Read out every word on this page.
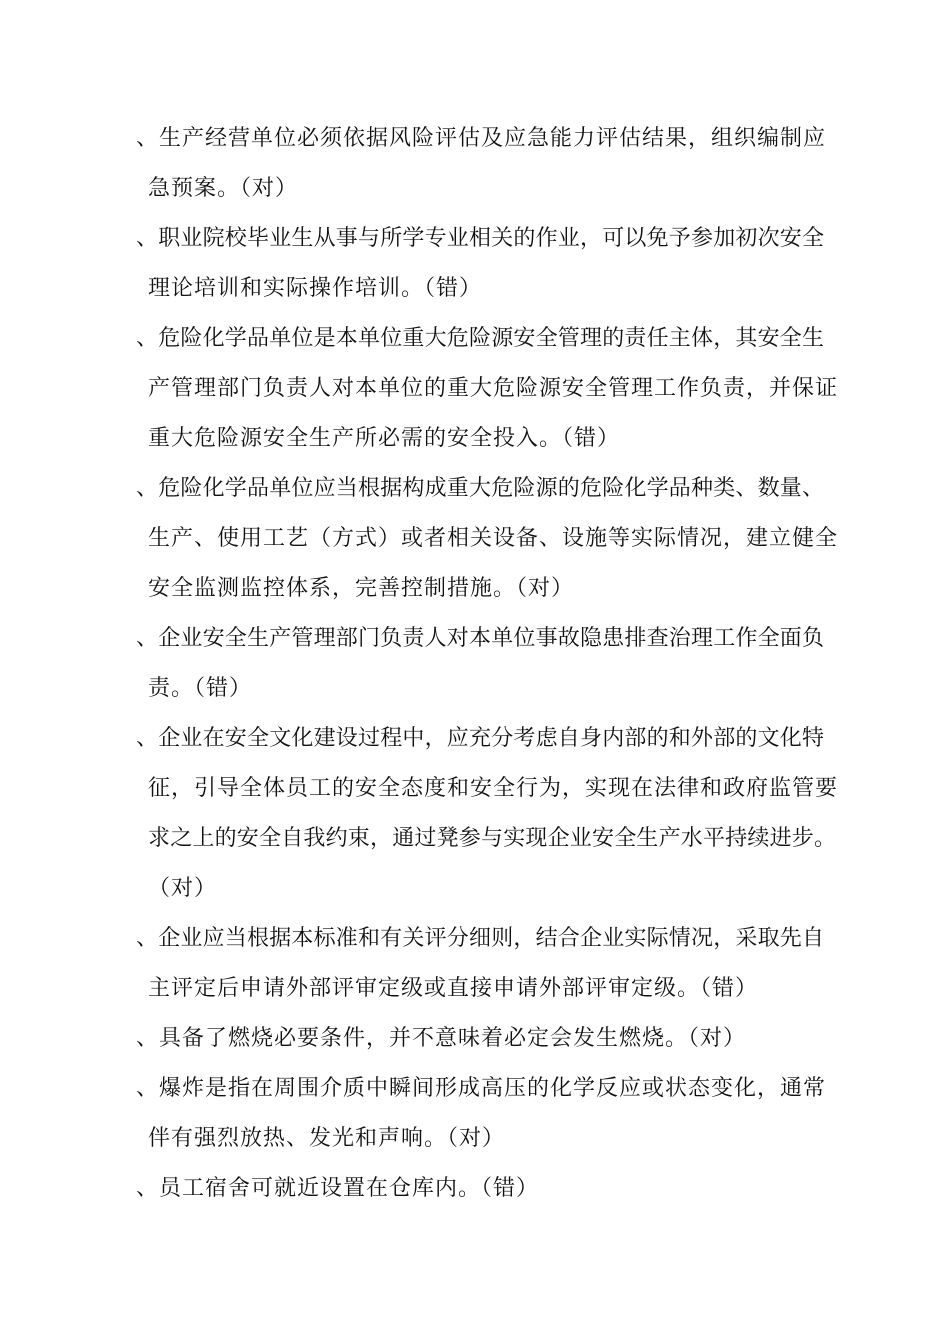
、生产经营单位必须依据风险评估及应急能力评估结果，组织编制应
急预案。（对）
、职业院校毕业生从事与所学专业相关的作业，可以免予参加初次安全
理论培训和实际操作培训。（错）
、危险化学品单位是本单位重大危险源安全管理的责任主体，其安全生
产管理部门负责人对本单位的重大危险源安全管理工作负责，并保证
重大危险源安全生产所必需的安全投入。（错）
、危险化学品单位应当根据构成重大危险源的危险化学品种类、数量、
生产、使用工艺（方式）或者相关设备、设施等实际情况，建立健全
安全监测监控体系，完善控制措施。（对）
、企业安全生产管理部门负责人对本单位事故隐患排查治理工作全面负
责。（错）
、企业在安全文化建设过程中，应充分考虑自身内部的和外部的文化特
征，引导全体员工的安全态度和安全行为，实现在法律和政府监管要
求之上的安全自我约束，通过凳参与实现企业安全生产水平持续进步。
（对）
、企业应当根据本标准和有关评分细则，结合企业实际情况，采取先自
主评定后申请外部评审定级或直接申请外部评审定级。（错）
、具备了燃烧必要条件，并不意味着必定会发生燃烧。（对）
、爆炸是指在周围介质中瞬间形成高压的化学反应或状态变化，通常
伴有强烈放热、发光和声响。（对）
、员工宿舍可就近设置在仓库内。（错）
